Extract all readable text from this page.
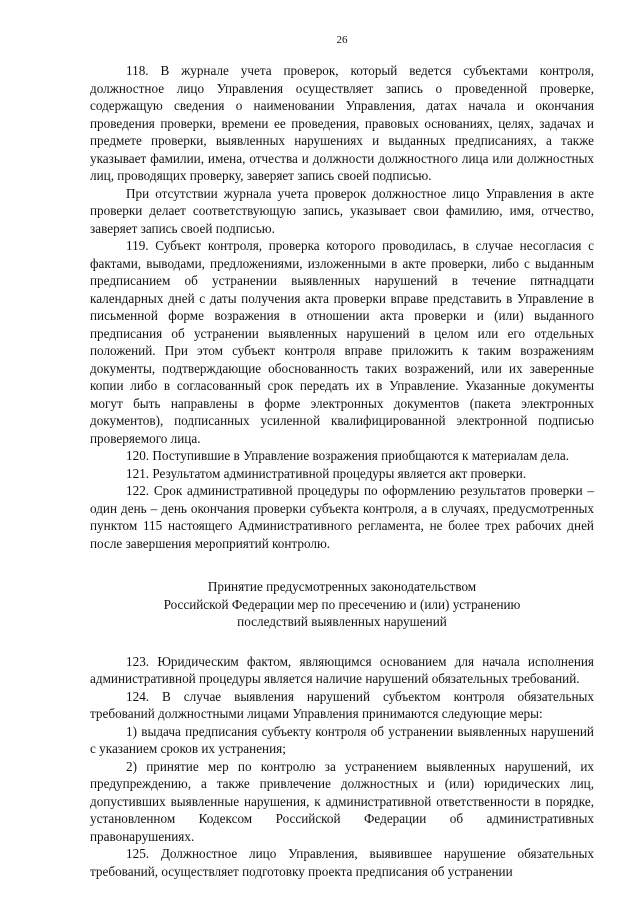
26

118. В журнале учета проверок, который ведется субъектами контроля, должностное лицо Управления осуществляет запись о проведенной проверке, содержащую сведения о наименовании Управления, датах начала и окончания проведения проверки, времени ее проведения, правовых основаниях, целях, задачах и предмете проверки, выявленных нарушениях и выданных предписаниях, а также указывает фамилии, имена, отчества и должности должностного лица или должностных лиц, проводящих проверку, заверяет запись своей подписью.

При отсутствии журнала учета проверок должностное лицо Управления в акте проверки делает соответствующую запись, указывает свои фамилию, имя, отчество, заверяет запись своей подписью.

119. Субъект контроля, проверка которого проводилась, в случае несогласия с фактами, выводами, предложениями, изложенными в акте проверки, либо с выданным предписанием об устранении выявленных нарушений в течение пятнадцати календарных дней с даты получения акта проверки вправе представить в Управление в письменной форме возражения в отношении акта проверки и (или) выданного предписания об устранении выявленных нарушений в целом или его отдельных положений. При этом субъект контроля вправе приложить к таким возражениям документы, подтверждающие обоснованность таких возражений, или их заверенные копии либо в согласованный срок передать их в Управление. Указанные документы могут быть направлены в форме электронных документов (пакета электронных документов), подписанных усиленной квалифицированной электронной подписью проверяемого лица.

120. Поступившие в Управление возражения приобщаются к материалам дела.

121. Результатом административной процедуры является акт проверки.

122. Срок административной процедуры по оформлению результатов проверки – один день – день окончания проверки субъекта контроля, а в случаях, предусмотренных пунктом 115 настоящего Административного регламента, не более трех рабочих дней после завершения мероприятий контролю.

Принятие предусмотренных законодательством
Российской Федерации мер по пресечению и (или) устранению
последствий выявленных нарушений

123. Юридическим фактом, являющимся основанием для начала исполнения административной процедуры является наличие нарушений обязательных требований.

124. В случае выявления нарушений субъектом контроля обязательных требований должностными лицами Управления принимаются следующие меры:

1) выдача предписания субъекту контроля об устранении выявленных нарушений с указанием сроков их устранения;

2) принятие мер по контролю за устранением выявленных нарушений, их предупреждению, а также привлечение должностных и (или) юридических лиц, допустивших выявленные нарушения, к административной ответственности в порядке, установленном Кодексом Российской Федерации об административных правонарушениях.

125. Должностное лицо Управления, выявившее нарушение обязательных требований, осуществляет подготовку проекта предписания об устранении
